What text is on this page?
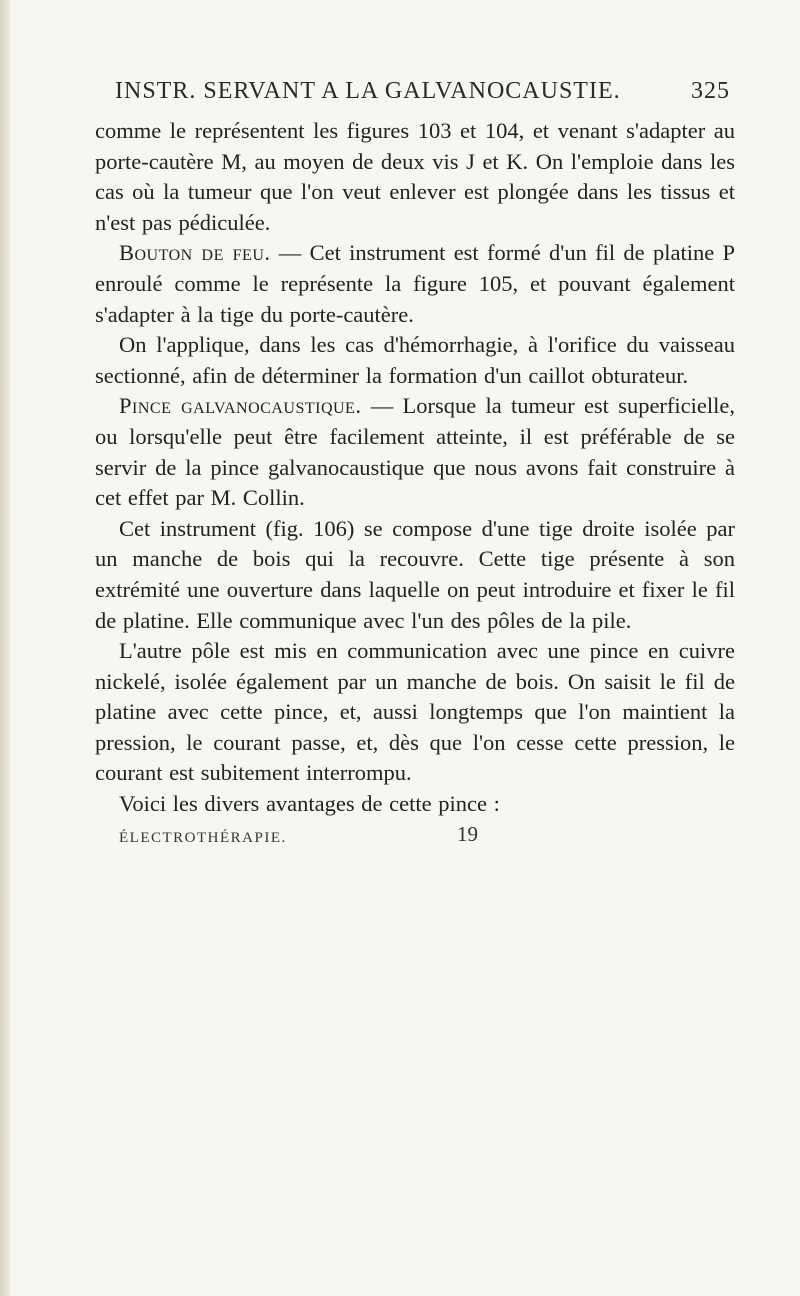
INSTR. SERVANT A LA GALVANOCAUSTIE.	325

comme le représentent les figures 103 et 104, et venant s'adapter au porte-cautère M, au moyen de deux vis J et K. On l'emploie dans les cas où la tumeur que l'on veut enlever est plongée dans les tissus et n'est pas pédiculée.

Bouton de feu. — Cet instrument est formé d'un fil de platine P enroulé comme le représente la figure 105, et pouvant également s'adapter à la tige du porte-cautère.

On l'applique, dans les cas d'hémorrhagie, à l'orifice du vaisseau sectionné, afin de déterminer la formation d'un caillot obturateur.

Pince galvanocaustique. — Lorsque la tumeur est superficielle, ou lorsqu'elle peut être facilement atteinte, il est préférable de se servir de la pince galvanocaustique que nous avons fait construire à cet effet par M. Collin.

Cet instrument (fig. 106) se compose d'une tige droite isolée par un manche de bois qui la recouvre. Cette tige présente à son extrémité une ouverture dans laquelle on peut introduire et fixer le fil de platine. Elle communique avec l'un des pôles de la pile.

L'autre pôle est mis en communication avec une pince en cuivre nickelé, isolée également par un manche de bois. On saisit le fil de platine avec cette pince, et, aussi longtemps que l'on maintient la pression, le courant passe, et, dès que l'on cesse cette pression, le courant est subitement interrompu.

Voici les divers avantages de cette pince :

ÉLECTROTHÉRAPIE.	19
